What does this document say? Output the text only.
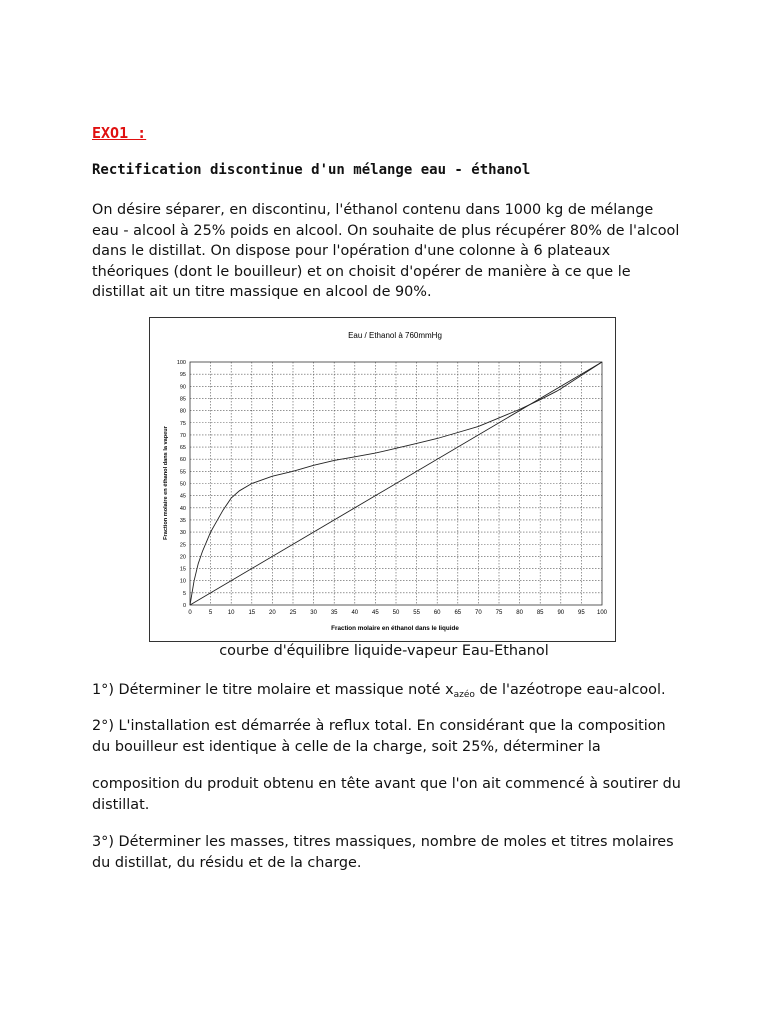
EXO1 :
Rectification discontinue d'un mélange eau - éthanol

On désire séparer, en discontinu, l'éthanol contenu dans 1000 kg de mélange eau - alcool à 25% poids en alcool. On souhaite de plus récupérer 80% de l'alcool dans le distillat. On dispose pour l'opération d'une colonne à 6 plateaux théoriques (dont le bouilleur) et on choisit d'opérer de manière à ce que le distillat ait un titre massique en alcool de 90%.

Eau / Ethanol à 760mmHg
0	5	10 15 20 25 30 35 40 45 50 55 60 65 70 75 80 85 90 95 100
0
5
10
15
20
25
30
35
40
45
50
55
60
65
70
75
80
85
90
95
100
Fraction molaire en éthanol dans le liquide
Fraction molaire en éthanol dans la vapeur
courbe d'équilibre liquide-vapeur Eau-Ethanol

1°) Déterminer le titre molaire et massique noté $x_{azéo}$ de l'azéotrope eau-alcool.

2°) L'installation est démarrée à reflux total. En considérant que la composition du bouilleur est identique à celle de la charge, soit 25%, déterminer la

composition du produit obtenu en tête avant que l'on ait commencé à soutirer du distillat.

3°) Déterminer les masses, titres massiques, nombre de moles et titres molaires du distillat, du résidu et de la charge.
